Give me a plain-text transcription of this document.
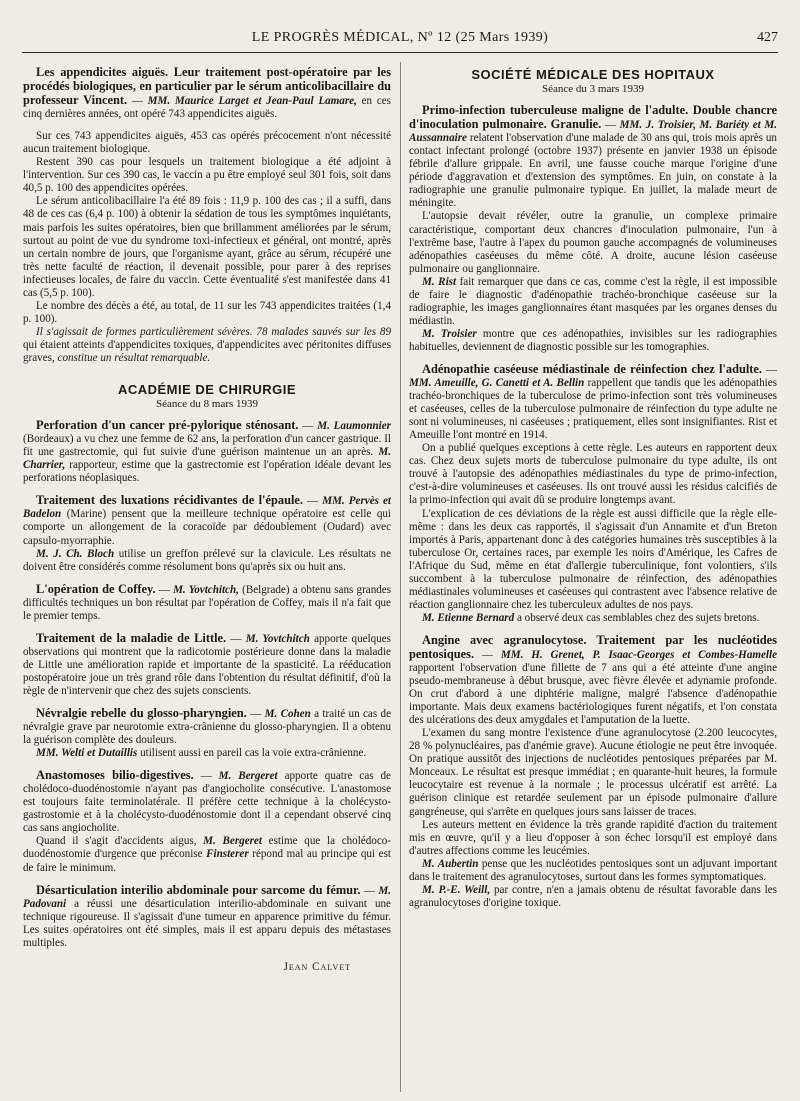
LE PROGRÈS MÉDICAL, Nº 12 (25 Mars 1939)	427

Les appendicites aiguës. Leur traitement post-opératoire par les procédés biologiques, en particulier par le sérum anticolibacillaire du professeur Vincent. — MM. Maurice Larget et Jean-Paul Lamare, en ces cinq dernières années, ont opéré 743 appendicites aiguës.

Sur ces 743 appendicites aiguës, 453 cas opérés précocement n'ont nécessité aucun traitement biologique.

Restent 390 cas pour lesquels un traitement biologique a été adjoint à l'intervention. Sur ces 390 cas, le vaccin a pu être employé seul 301 fois, soit dans 40,5 p. 100 des appendicites opérées.

Le sérum anticolibacillaire l'a été 89 fois : 11,9 p. 100 des cas ; il a suffi, dans 48 de ces cas (6,4 p. 100) à obtenir la sédation de tous les symptômes inquiétants, mais parfois les suites opératoires, bien que brillamment améliorées par le sérum, surtout au point de vue du syndrome toxi-infectieux et général, ont montré, après un certain nombre de jours, que l'organisme ayant, grâce au sérum, récupéré une très nette faculté de réaction, il devenait possible, pour parer à des reprises infectieuses locales, de faire du vaccin. Cette éventualité s'est manifestée dans 41 cas (5,5 p. 100).

Le nombre des décès a été, au total, de 11 sur les 743 appendicites traitées (1,4 p. 100).

Il s'agissait de formes particulièrement sévères. 78 malades sauvés sur les 89 qui étaient atteints d'appendicites toxiques, d'appendicites avec péritonites diffuses graves, constitue un résultat remarquable.

ACADÉMIE DE CHIRURGIE
Séance du 8 mars 1939

Perforation d'un cancer pré-pylorique sténosant. — M. Laumonnier (Bordeaux) a vu chez une femme de 62 ans, la perforation d'un cancer gastrique. Il fit une gastrectomie, qui fut suivie d'une guérison maintenue un an après. M. Charrier, rapporteur, estime que la gastrectomie est l'opération idéale devant les perforations néoplasiques.

Traitement des luxations récidivantes de l'épaule. — MM. Pervès et Badelon (Marine) pensent que la meilleure technique opératoire est celle qui comporte un allongement de la coracoïde par dédoublement (Oudard) avec capsulo-myorraphie.

M. J. Ch. Bloch utilise un greffon prélevé sur la clavicule. Les résultats ne doivent être considérés comme résolument bons qu'après six ou huit ans.

L'opération de Coffey. — M. Yovtchitch, (Belgrade) a obtenu sans grandes difficultés techniques un bon résultat par l'opération de Coffey, mais il n'a fait que le premier temps.

Traitement de la maladie de Little. — M. Yovtchitch apporte quelques observations qui montrent que la radicotomie postérieure donne dans la maladie de Little une amélioration rapide et importante de la spasticité. La rééducation postopératoire joue un très grand rôle dans l'obtention du résultat définitif, d'où la règle de n'intervenir que chez des sujets conscients.

Névralgie rebelle du glosso-pharyngien. — M. Cohen a traité un cas de névralgie grave par neurotomie extra-crânienne du glosso-pharyngien. Il a obtenu la guérison complète des douleurs.

MM. Welti et Dutaillis utilisent aussi en pareil cas la voie extra-crânienne.

Anastomoses bilio-digestives. — M. Bergeret apporte quatre cas de cholédoco-duodénostomie n'ayant pas d'angiocholite consécutive. L'anastomose est toujours faite terminolatérale. Il préfère cette technique à la cholécysto-gastrostomie et à la cholécysto-duodénostomie dont il a cependant observé cinq cas sans angiocholite.

Quand il s'agit d'accidents aigus, M. Bergeret estime que la cholédoco-duodénostomie d'urgence que préconise Finsterer répond mal au principe qui est de faire le minimum.

Désarticulation interilio abdominale pour sarcome du fémur. — M. Padovani a réussi une désarticulation interilio-abdominale en suivant une technique rigoureuse. Il s'agissait d'une tumeur en apparence primitive du fémur. Les suites opératoires ont été simples, mais il est apparu depuis des métastases multiples.

Jean Calvet

SOCIÉTÉ MÉDICALE DES HOPITAUX
Séance du 3 mars 1939

Primo-infection tuberculeuse maligne de l'adulte. Double chancre d'inoculation pulmonaire. Granulie. — MM. J. Troisier, M. Bariéty et M. Aussannaire relatent l'observation d'une malade de 30 ans qui, trois mois après un contact infectant prolongé (octobre 1937) présente en janvier 1938 un épisode fébrile d'allure grippale. En avril, une fausse couche marque l'origine d'une période d'aggravation et d'extension des symptômes. En juin, on constate à la radiographie une granulie pulmonaire typique. En juillet, la malade meurt de méningite.

L'autopsie devait révéler, outre la granulie, un complexe primaire caractéristique, comportant deux chancres d'inoculation pulmonaire, l'un à l'extrême base, l'autre à l'apex du poumon gauche accompagnés de volumineuses adénopathies caséeuses du même côté. A droite, aucune lésion caséeuse pulmonaire ou ganglionnaire.

M. Rist fait remarquer que dans ce cas, comme c'est la règle, il est impossible de faire le diagnostic d'adénopathie trachéo-bronchique caséeuse sur la radiographie, les images ganglionnaires étant masquées par les organes denses du médiastin.

M. Troisier montre que ces adénopathies, invisibles sur les radiographies habituelles, deviennent de diagnostic possible sur les tomographies.

Adénopathie caséeuse médiastinale de réinfection chez l'adulte. — MM. Ameuille, G. Canetti et A. Bellin rappellent que tandis que les adénopathies trachéo-bronchiques de la tuberculose de primo-infection sont très volumineuses et caséeuses, celles de la tuberculose pulmonaire de réinfection du type adulte ne sont ni volumineuses, ni caséeuses ; pratiquement, elles sont insignifiantes. Rist et Ameuille l'ont montré en 1914.

On a publié quelques exceptions à cette règle. Les auteurs en rapportent deux cas. Chez deux sujets morts de tuberculose pulmonaire du type adulte, ils ont trouvé à l'autopsie des adénopathies médiastinales du type de primo-infection, c'est-à-dire volumineuses et caséeuses. Ils ont trouvé aussi les résidus calcifiés de la primo-infection qui avait dû se produire longtemps avant.

L'explication de ces déviations de la règle est aussi difficile que la règle elle-même : dans les deux cas rapportés, il s'agissait d'un Annamite et d'un Breton importés à Paris, appartenant donc à des catégories humaines très susceptibles à la tuberculose Or, certaines races, par exemple les noirs d'Amérique, les Cafres de l'Afrique du Sud, même en état d'allergie tuberculinique, font volontiers, s'ils succombent à la tuberculose pulmonaire de réinfection, des adénopathies médiastinales volumineuses et caséeuses qui contrastent avec l'absence relative de réaction ganglionnaire chez les tuberculeux adultes de nos pays.

M. Etienne Bernard a observé deux cas semblables chez des sujets bretons.

Angine avec agranulocytose. Traitement par les nucléotides pentosiques. — MM. H. Grenet, P. Isaac-Georges et Combes-Hamelle rapportent l'observation d'une fillette de 7 ans qui a été atteinte d'une angine pseudo-membraneuse à début brusque, avec fièvre élevée et adynamie profonde. On crut d'abord à une diphtérie maligne, malgré l'absence d'adénopathie importante. Mais deux examens bactériologiques furent négatifs, et l'on constata des ulcérations des deux amygdales et l'amputation de la luette.

L'examen du sang montre l'existence d'une agranulocytose (2.200 leucocytes, 28 % polynucléaires, pas d'anémie grave). Aucune étiologie ne peut être invoquée. On pratique aussitôt des injections de nucléotides pentosiques préparées par M. Monceaux. Le résultat est presque immédiat ; en quarante-huit heures, la formule leucocytaire est revenue à la normale ; le processus ulcératif est arrêté. La guérison clinique est retardée seulement par un épisode pulmonaire d'allure gangréneuse, qui s'arrête en quelques jours sans laisser de traces.

Les auteurs mettent en évidence la très grande rapidité d'action du traitement mis en œuvre, qu'il y a lieu d'opposer à son échec lorsqu'il est employé dans d'autres affections comme les leucémies.

M. Aubertin pense que les nucléotides pentosiques sont un adjuvant important dans le traitement des agranulocytoses, surtout dans les formes symptomatiques.

M. P.-E. Weill, par contre, n'en a jamais obtenu de résultat favorable dans les agranulocytoses d'origine toxique.
